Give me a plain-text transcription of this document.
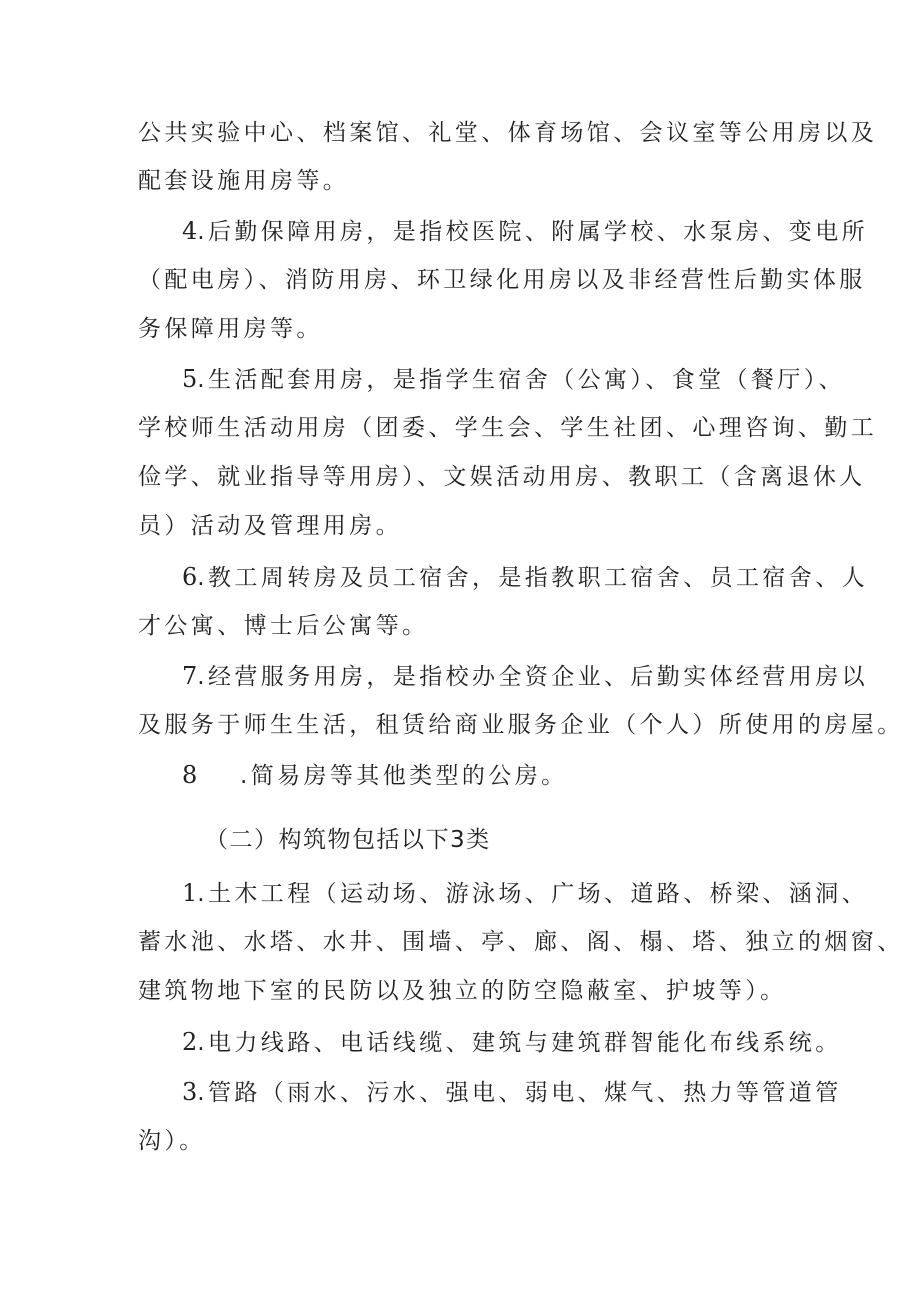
公共实验中心、档案馆、礼堂、体育场馆、会议室等公用房以及
配套设施用房等。
4.后勤保障用房，是指校医院、附属学校、水泵房、变电所
（配电房）、消防用房、环卫绿化用房以及非经营性后勤实体服
务保障用房等。
5.生活配套用房，是指学生宿舍（公寓）、食堂（餐厅）、
学校师生活动用房（团委、学生会、学生社团、心理咨询、勤工
俭学、就业指导等用房）、文娱活动用房、教职工（含离退休人
员）活动及管理用房。
6.教工周转房及员工宿舍，是指教职工宿舍、员工宿舍、人
才公寓、博士后公寓等。
7.经营服务用房，是指校办全资企业、后勤实体经营用房以
及服务于师生生活，租赁给商业服务企业（个人）所使用的房屋。
8 .简易房等其他类型的公房。
（二）构筑物包括以下3类
1.土木工程（运动场、游泳场、广场、道路、桥梁、涵洞、
蓄水池、水塔、水井、围墙、亭、廊、阁、榻、塔、独立的烟窗、
建筑物地下室的民防以及独立的防空隐蔽室、护坡等）。
2.电力线路、电话线缆、建筑与建筑群智能化布线系统。
3.管路（雨水、污水、强电、弱电、煤气、热力等管道管
沟）。
